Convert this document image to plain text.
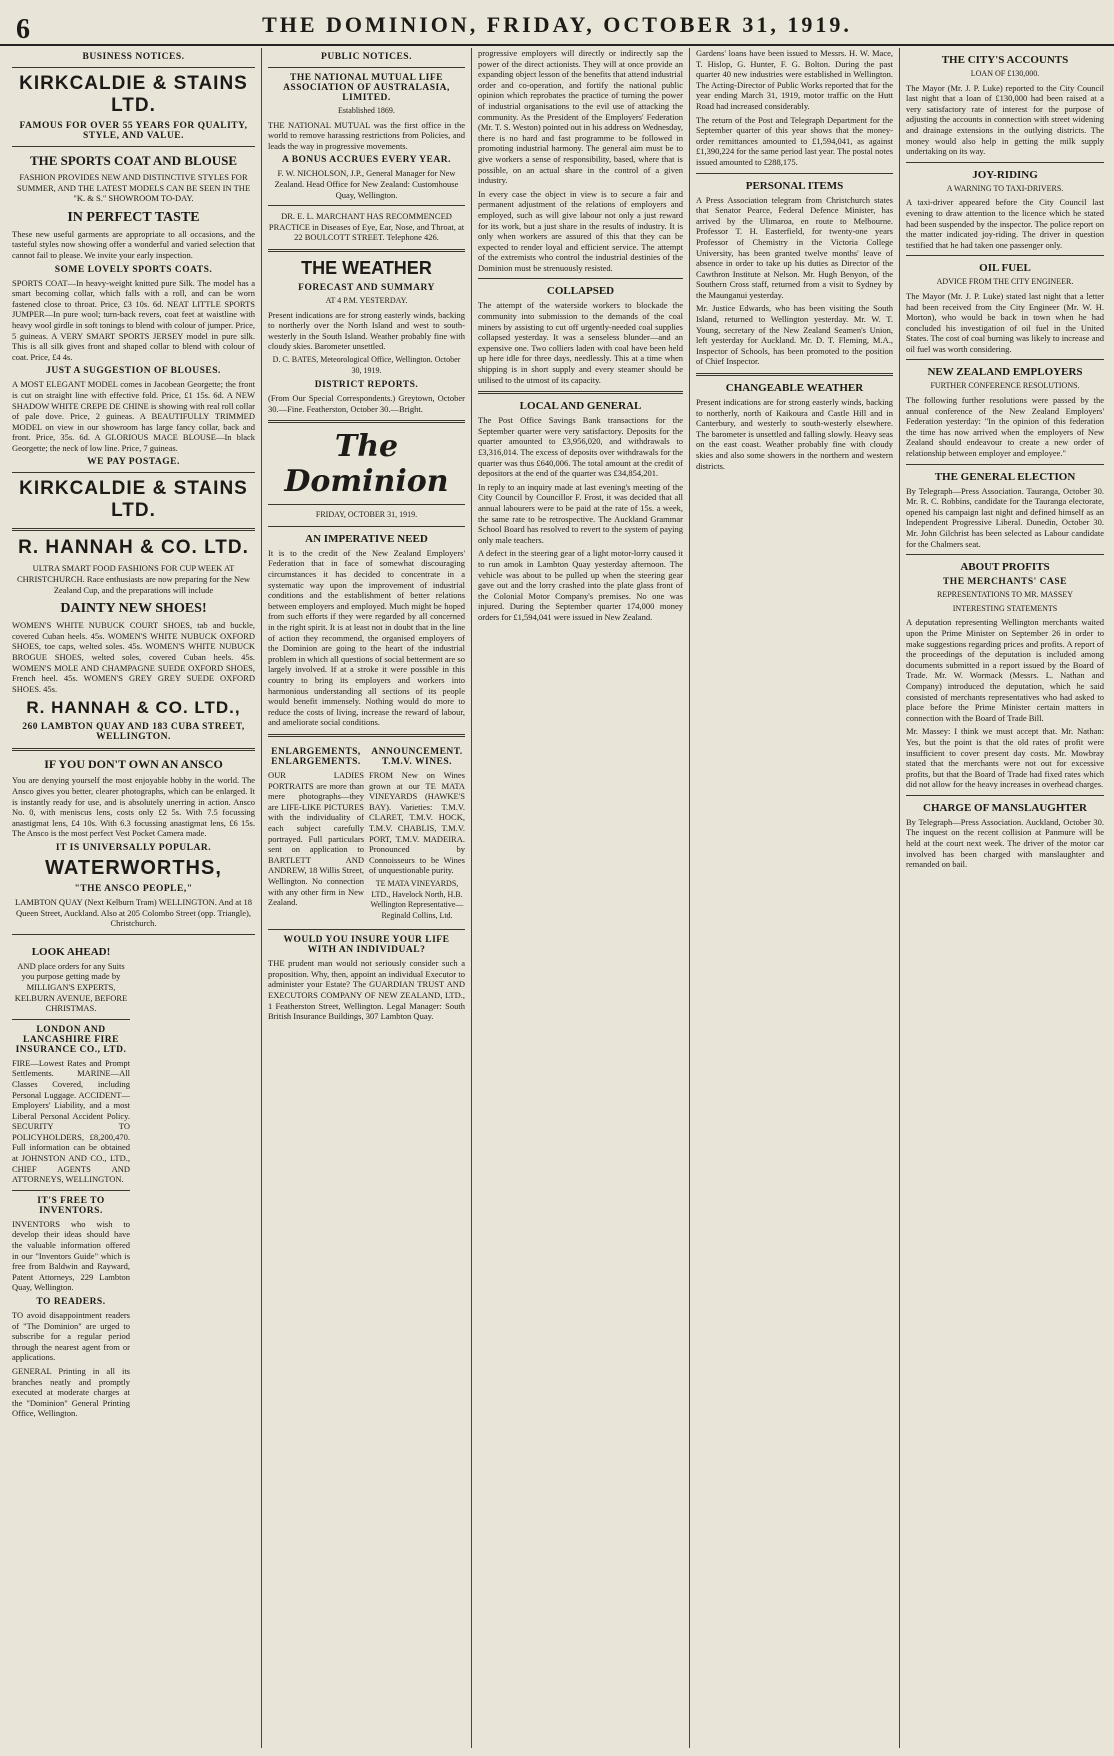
6	THE DOMINION, FRIDAY, OCTOBER 31, 1919.
BUSINESS NOTICES.
KIRKCALDIE & STAINS LTD.
FAMOUS FOR OVER 55 YEARS FOR QUALITY, STYLE, AND VALUE.
THE SPORTS COAT AND BLOUSE

FASHION PROVIDES NEW AND DISTINCTIVE STYLES FOR SUMMER, AND THE LATEST MODELS CAN BE SEEN IN THE "K. & S." SHOWROOM TO-DAY.

IN PERFECT TASTE

These new useful garments are appropriate to all occasions, and the tasteful styles now showing offer a wonderful and varied selection that cannot fail to please. We invite your early inspection.

SOME LOVELY SPORTS COATS.

SPORTS COAT—In heavy-weight knitted pure Silk. The model has a smart becoming collar, which falls with a roll, and can be worn fastened close to throat. Price, £3 10s. 6d. NEAT LITTLE SPORTS JUMPER—In pure wool; turn-back revers, coat feet at waistline with heavy wool girdle in soft tonings to blend with colour of jumper. Price, 5 guineas. A VERY SMART SPORTS JERSEY model in pure silk. This is all silk gives front and shaped collar to blend with colour of coat. Price, £4 4s.

JUST A SUGGESTION OF BLOUSES.

A MOST ELEGANT MODEL comes in Jacobean Georgette; the front is cut on straight line with effective fold. Price, £1 15s. 6d. A NEW SHADOW WHITE CREPE DE CHINE is showing with real roll collar of pale dove. Price, 2 guineas. A BEAUTIFULLY TRIMMED MODEL on view in our showroom has large fancy collar, back and front. Price, 35s. 6d. A GLORIOUS MACE BLOUSE—In black Georgette; the neck of low line. Price, 7 guineas.

WE PAY POSTAGE.
KIRKCALDIE & STAINS LTD.
R. HANNAH & CO. LTD.

ULTRA SMART FOOD FASHIONS FOR CUP WEEK AT CHRISTCHURCH. Race enthusiasts are now preparing for the New Zealand Cup, and the preparations will include

DAINTY NEW SHOES!

WOMEN'S WHITE NUBUCK COURT SHOES, tab and buckle, covered Cuban heels. 45s. WOMEN'S WHITE NUBUCK OXFORD SHOES, toe caps, welted soles. 45s. WOMEN'S WHITE NUBUCK BROGUE SHOES, welted soles, covered Cuban heels. 45s. WOMEN'S MOLE AND CHAMPAGNE SUEDE OXFORD SHOES, French heel. 45s. WOMEN'S GREY GREY SUEDE OXFORD SHOES. 45s.

R. HANNAH & CO. LTD.,
260 LAMBTON QUAY AND 183 CUBA STREET, WELLINGTON.
IF YOU DON'T OWN AN ANSCO

You are denying yourself the most enjoyable hobby in the world. The Ansco gives you better, clearer photographs, which can be enlarged. It is instantly ready for use, and is absolutely unerring in action. Ansco No. 0, with meniscus lens, costs only £2 5s. With 7.5 focussing anastigmat lens, £4 10s. With 6.3 focussing anastigmat lens, £6 15s. The Ansco is the most perfect Vest Pocket Camera made.

IT IS UNIVERSALLY POPULAR.
WATERWORTHS,
"THE ANSCO PEOPLE,"

LAMBTON QUAY (Next Kelburn Tram) WELLINGTON. And at 18 Queen Street, Auckland. Also at 205 Colombo Street (opp. Triangle), Christchurch.

LOOK AHEAD!

AND place orders for any Suits you purpose getting made by MILLIGAN'S EXPERTS, KELBURN AVENUE, BEFORE CHRISTMAS.

LONDON AND LANCASHIRE FIRE INSURANCE CO., LTD.

FIRE—Lowest Rates and Prompt Settlements. MARINE—All Classes Covered, including Personal Luggage. ACCIDENT—Employers' Liability, and a most Liberal Personal Accident Policy. SECURITY TO POLICYHOLDERS, £8,200,470. Full information can be obtained at JOHNSTON AND CO., LTD., CHIEF AGENTS AND ATTORNEYS, WELLINGTON.

IT'S FREE TO INVENTORS.

INVENTORS who wish to develop their ideas should have the valuable information offered in our "Inventors Guide" which is free from Baldwin and Rayward, Patent Attorneys, 229 Lambton Quay, Wellington.

TO READERS.

TO avoid disappointment readers of "The Dominion" are urged to subscribe for a regular period through the nearest agent from or applications.

GENERAL Printing in all its branches neatly and promptly executed at moderate charges at the "Dominion" General Printing Office, Wellington.

PUBLIC NOTICES.
THE NATIONAL MUTUAL LIFE ASSOCIATION OF AUSTRALASIA, LIMITED.
Established 1869.

THE NATIONAL MUTUAL was the first office in the world to remove harassing restrictions from Policies, and leads the way in progressive movements.

A BONUS ACCRUES EVERY YEAR.

F. W. NICHOLSON, J.P., General Manager for New Zealand. Head Office for New Zealand: Customhouse Quay, Wellington.

DR. E. L. MARCHANT HAS RECOMMENCED PRACTICE in Diseases of Eye, Ear, Nose, and Throat, at 22 BOULCOTT STREET. Telephone 426.

THE WEATHER
FORECAST AND SUMMARY
AT 4 P.M. YESTERDAY.

Present indications are for strong easterly winds, backing to northerly over the North Island and west to south-westerly in the South Island. Weather probably fine with cloudy skies. Barometer unsettled.

D. C. BATES, Meteorological Office, Wellington. October 30, 1919.

DISTRICT REPORTS.

(From Our Special Correspondents.) Greytown, October 30.—Fine. Featherston, October 30.—Bright.

The Dominion
FRIDAY, OCTOBER 31, 1919.
AN IMPERATIVE NEED

It is to the credit of the New Zealand Employers' Federation that in face of somewhat discouraging circumstances it has decided to concentrate in a systematic way upon the improvement of industrial conditions and the establishment of better relations between employers and employed. Much might be hoped from such efforts if they were regarded by all concerned in the right spirit. It is at least not in doubt that in the line of action they recommend, the organised employers of the Dominion are going to the heart of the industrial problem in which all questions of social betterment are so largely involved. If at a stroke it were possible in this country to bring its employers and workers into harmonious understanding all sections of its people would benefit immensely. Nothing would do more to reduce the costs of living, increase the reward of labour, and ameliorate social conditions.

ENLARGEMENTS, ENLARGEMENTS.

OUR LADIES PORTRAITS are more than mere photographs—they are LIFE-LIKE PICTURES with the individuality of each subject carefully portrayed. Full particulars sent on application to BARTLETT AND ANDREW, 18 Willis Street, Wellington. No connection with any other firm in New Zealand.

ANNOUNCEMENT. T.M.V. WINES.

FROM New on Wines grown at our TE MATA VINEYARDS (HAWKE'S BAY). Varieties: T.M.V. CLARET, T.M.V. HOCK, T.M.V. CHABLIS, T.M.V. PORT, T.M.V. MADEIRA. Pronounced by Connoisseurs to be Wines of unquestionable purity.

TE MATA VINEYARDS, LTD., Havelock North, H.B. Wellington Representative—Reginald Collins, Ltd.

WOULD YOU INSURE YOUR LIFE WITH AN INDIVIDUAL?

THE prudent man would not seriously consider such a proposition. Why, then, appoint an individual Executor to administer your Estate? The GUARDIAN TRUST AND EXECUTORS COMPANY OF NEW ZEALAND, LTD., 1 Featherston Street, Wellington. Legal Manager: South British Insurance Buildings, 307 Lambton Quay.

progressive employers will directly or indirectly sap the power of the direct actionists. They will at once provide an expanding object lesson of the benefits that attend industrial order and co-operation, and fortify the national public opinion which reprobates the practice of turning the power of industrial organisations to the evil use of attacking the community. As the President of the Employers' Federation (Mr. T. S. Weston) pointed out in his address on Wednesday, there is no hard and fast programme to be followed in promoting industrial harmony. The general aim must be to give workers a sense of responsibility, based, where that is possible, on an actual share in the control of a given industry.

In every case the object in view is to secure a fair and permanent adjustment of the relations of employers and employed, such as will give labour not only a just reward for its work, but a just share in the results of industry. It is only when workers are assured of this that they can be expected to render loyal and efficient service. The attempt of the extremists who control the industrial destinies of the Dominion must be strenuously resisted.

COLLAPSED

The attempt of the waterside workers to blockade the community into submission to the demands of the coal miners by assisting to cut off urgently-needed coal supplies collapsed yesterday. It was a senseless blunder—and an expensive one. Two colliers laden with coal have been held up here idle for three days, needlessly. This at a time when shipping is in short supply and every steamer should be utilised to the utmost of its capacity.

LOCAL AND GENERAL

The Post Office Savings Bank transactions for the September quarter were very satisfactory. Deposits for the quarter amounted to £3,956,020, and withdrawals to £3,316,014. The excess of deposits over withdrawals for the quarter was thus £640,006. The total amount at the credit of depositors at the end of the quarter was £34,854,201.

In reply to an inquiry made at last evening's meeting of the City Council by Councillor F. Frost, it was decided that all annual labourers were to be paid at the rate of 15s. a week, the same rate to be retrospective. The Auckland Grammar School Board has resolved to revert to the system of paying only male teachers.

A defect in the steering gear of a light motor-lorry caused it to run amok in Lambton Quay yesterday afternoon. The vehicle was about to be pulled up when the steering gear gave out and the lorry crashed into the plate glass front of the Colonial Motor Company's premises. No one was injured. During the September quarter 174,000 money orders for £1,594,041 were issued in New Zealand.

Gardens' loans have been issued to Messrs. H. W. Mace, T. Hislop, G. Hunter, F. G. Bolton. During the past quarter 40 new industries were established in Wellington. The Acting-Director of Public Works reported that for the year ending March 31, 1919, motor traffic on the Hutt Road had increased considerably.

The return of the Post and Telegraph Department for the September quarter of this year shows that the money-order remittances amounted to £1,594,041, as against £1,390,224 for the same period last year. The postal notes issued amounted to £288,175.

PERSONAL ITEMS

A Press Association telegram from Christchurch states that Senator Pearce, Federal Defence Minister, has arrived by the Ulimaroa, en route to Melbourne. Professor T. H. Easterfield, for twenty-one years Professor of Chemistry in the Victoria College University, has been granted twelve months' leave of absence in order to take up his duties as Director of the Cawthron Institute at Nelson. Mr. Hugh Benyon, of the Southern Cross staff, returned from a visit to Sydney by the Maunganui yesterday.

Mr. Justice Edwards, who has been visiting the South Island, returned to Wellington yesterday. Mr. W. T. Young, secretary of the New Zealand Seamen's Union, left yesterday for Auckland. Mr. D. T. Fleming, M.A., Inspector of Schools, has been promoted to the position of Chief Inspector.

CHANGEABLE WEATHER

Present indications are for strong easterly winds, backing to northerly, north of Kaikoura and Castle Hill and in Canterbury, and westerly to south-westerly elsewhere. The barometer is unsettled and falling slowly. Heavy seas on the east coast. Weather probably fine with cloudy skies and also some showers in the northern and western districts.

THE CITY'S ACCOUNTS
LOAN OF £130,000.

The Mayor (Mr. J. P. Luke) reported to the City Council last night that a loan of £130,000 had been raised at a very satisfactory rate of interest for the purpose of adjusting the accounts in connection with street widening and drainage extensions in the outlying districts. The money would also help in getting the milk supply undertaking on its way.

JOY-RIDING
A WARNING TO TAXI-DRIVERS.

A taxi-driver appeared before the City Council last evening to draw attention to the licence which he stated had been suspended by the inspector. The police report on the matter indicated joy-riding. The driver in question testified that he had taken one passenger only.

OIL FUEL
ADVICE FROM THE CITY ENGINEER.

The Mayor (Mr. J. P. Luke) stated last night that a letter had been received from the City Engineer (Mr. W. H. Morton), who would be back in town when he had concluded his investigation of oil fuel in the United States. The cost of coal burning was likely to increase and oil fuel was worth considering.

NEW ZEALAND EMPLOYERS
FURTHER CONFERENCE RESOLUTIONS.

The following further resolutions were passed by the annual conference of the New Zealand Employers' Federation yesterday: "In the opinion of this federation the time has now arrived when the employers of New Zealand should endeavour to create a new order of relationship between employer and employee."

THE GENERAL ELECTION

By Telegraph—Press Association. Tauranga, October 30. Mr. R. C. Robbins, candidate for the Tauranga electorate, opened his campaign last night and defined himself as an Independent Progressive Liberal. Dunedin, October 30. Mr. John Gilchrist has been selected as Labour candidate for the Chalmers seat.

ABOUT PROFITS
THE MERCHANTS' CASE
REPRESENTATIONS TO MR. MASSEY
INTERESTING STATEMENTS

A deputation representing Wellington merchants waited upon the Prime Minister on September 26 in order to make suggestions regarding prices and profits. A report of the proceedings of the deputation is included among documents submitted in a report issued by the Board of Trade. Mr. W. Wormack (Messrs. L. Nathan and Company) introduced the deputation, which he said consisted of merchants representatives who had asked to place before the Prime Minister certain matters in connection with the Board of Trade Bill.

Mr. Massey: I think we must accept that. Mr. Nathan: Yes, but the point is that the old rates of profit were insufficient to cover present day costs. Mr. Mowbray stated that the merchants were not out for excessive profits, but that the Board of Trade had fixed rates which did not allow for the heavy increases in overhead charges.

CHARGE OF MANSLAUGHTER

By Telegraph—Press Association. Auckland, October 30. The inquest on the recent collision at Panmure will be held at the court next week. The driver of the motor car involved has been charged with manslaughter and remanded on bail.
